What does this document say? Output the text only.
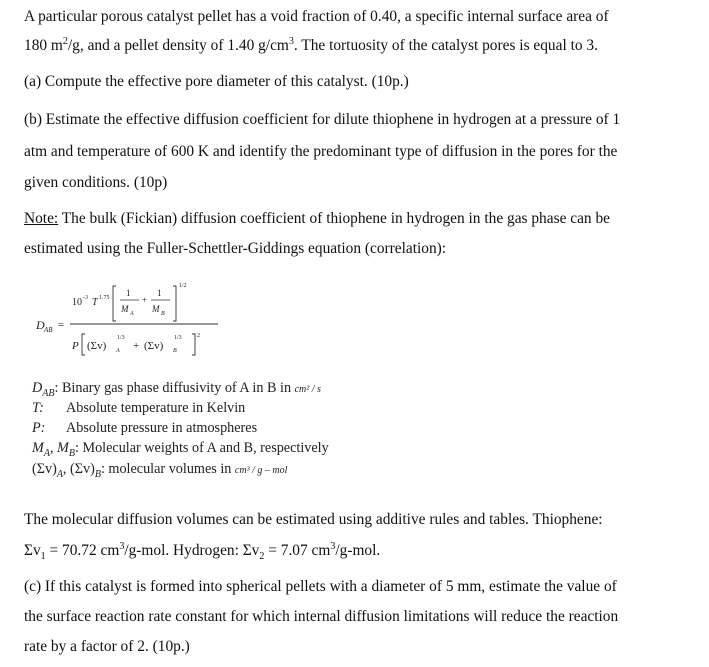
A particular porous catalyst pellet has a void fraction of 0.40, a specific internal surface area of

180 $m^2/g$, and a pellet density of 1.40 $g/cm^3$. The tortuosity of the catalyst pores is equal to 3.

(a) Compute the effective pore diameter of this catalyst. (10p.)

(b) Estimate the effective diffusion coefficient for dilute thiophene in hydrogen at a pressure of 1

atm and temperature of 600 K and identify the predominant type of diffusion in the pores for the

given conditions. (10p)

Note: The bulk (Fickian) diffusion coefficient of thiophene in hydrogen in the gas phase can be

estimated using the Fuller-Schettler-Giddings equation (correlation):

D AB =
10 -3 T 1.75 1
M A
+
1
M B
1/2
P (Σv) A
1/3
+ (Σv) B
1/3	2

$D_{AB}$: Binary gas phase diffusivity of A in B in cm² / s

T: Absolute temperature in Kelvin

P: Absolute pressure in atmospheres

$M_A$, $M_B$: Molecular weights of A and B, respectively

$(\Sigma v)_A$, $(\Sigma v)_B$: molecular volumes in cm³ / g – mol

The molecular diffusion volumes can be estimated using additive rules and tables. Thiophene:

$\Sigma v_1 = 70.72$ $cm^3/g$-mol. Hydrogen: $\Sigma v_2 = 7.07$ $cm^3/g$-mol.

(c) If this catalyst is formed into spherical pellets with a diameter of 5 mm, estimate the value of

the surface reaction rate constant for which internal diffusion limitations will reduce the reaction

rate by a factor of 2. (10p.)
